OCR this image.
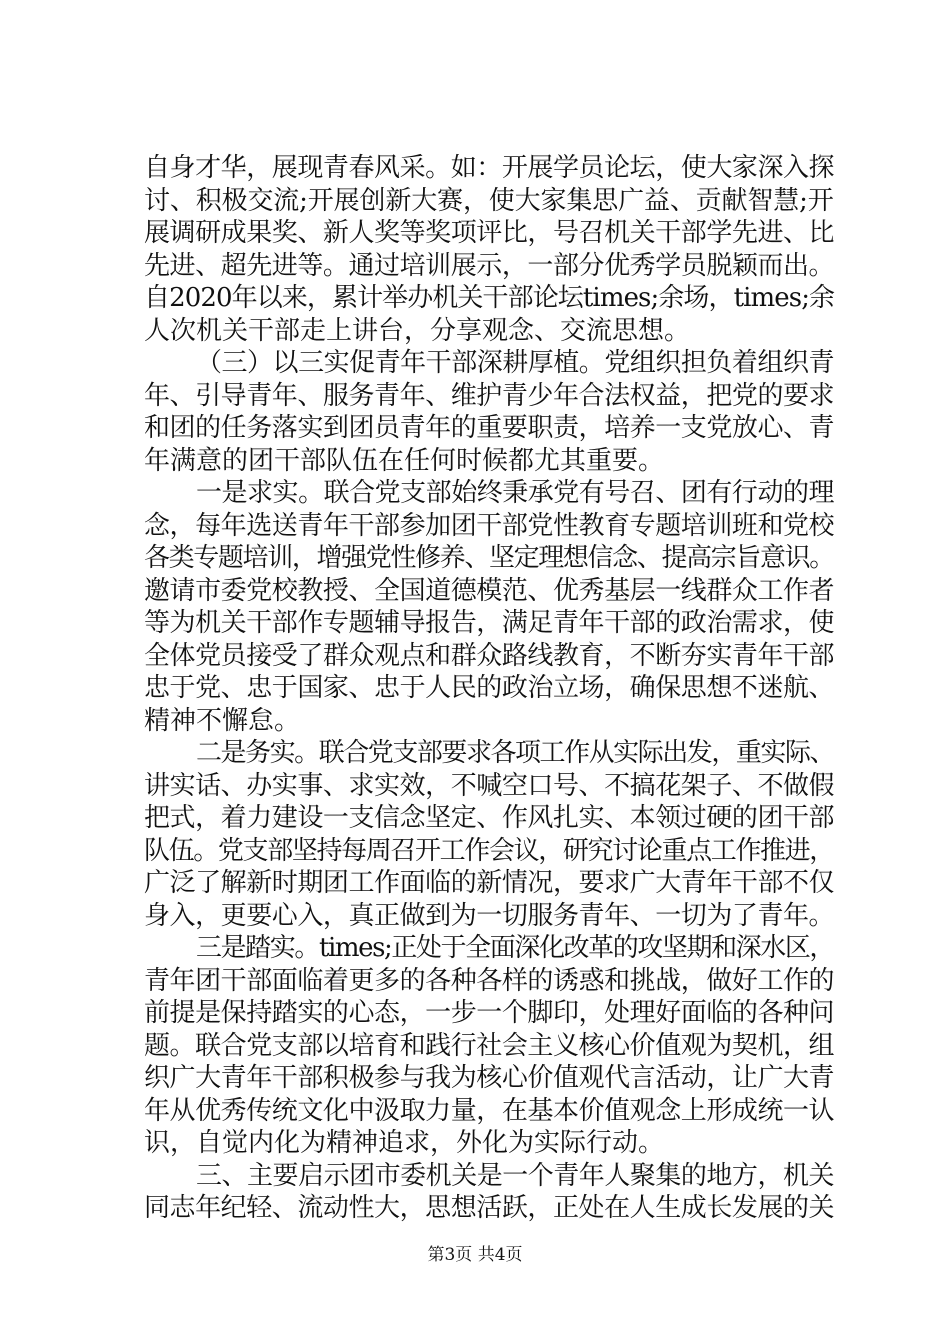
自身才华，展现青春风采。如：开展学员论坛，使大家深入探
讨、积极交流;开展创新大赛，使大家集思广益、贡献智慧;开
展调研成果奖、新人奖等奖项评比，号召机关干部学先进、比
先进、超先进等。通过培训展示，一部分优秀学员脱颖而出。
自2020年以来，累计举办机关干部论坛times;余场，times;余
人次机关干部走上讲台，分享观念、交流思想。
（三）以三实促青年干部深耕厚植。党组织担负着组织青
年、引导青年、服务青年、维护青少年合法权益，把党的要求
和团的任务落实到团员青年的重要职责，培养一支党放心、青
年满意的团干部队伍在任何时候都尤其重要。
一是求实。联合党支部始终秉承党有号召、团有行动的理
念，每年选送青年干部参加团干部党性教育专题培训班和党校
各类专题培训，增强党性修养、坚定理想信念、提高宗旨意识。
邀请市委党校教授、全国道德模范、优秀基层一线群众工作者
等为机关干部作专题辅导报告，满足青年干部的政治需求，使
全体党员接受了群众观点和群众路线教育，不断夯实青年干部
忠于党、忠于国家、忠于人民的政治立场，确保思想不迷航、
精神不懈怠。
二是务实。联合党支部要求各项工作从实际出发，重实际、
讲实话、办实事、求实效，不喊空口号、不搞花架子、不做假
把式，着力建设一支信念坚定、作风扎实、本领过硬的团干部
队伍。党支部坚持每周召开工作会议，研究讨论重点工作推进，
广泛了解新时期团工作面临的新情况，要求广大青年干部不仅
身入，更要心入，真正做到为一切服务青年、一切为了青年。
三是踏实。times;正处于全面深化改革的攻坚期和深水区，
青年团干部面临着更多的各种各样的诱惑和挑战，做好工作的
前提是保持踏实的心态，一步一个脚印，处理好面临的各种问
题。联合党支部以培育和践行社会主义核心价值观为契机，组
织广大青年干部积极参与我为核心价值观代言活动，让广大青
年从优秀传统文化中汲取力量，在基本价值观念上形成统一认
识，自觉内化为精神追求，外化为实际行动。
三、主要启示团市委机关是一个青年人聚集的地方，机关
同志年纪轻、流动性大，思想活跃，正处在人生成长发展的关
第3页 共4页
